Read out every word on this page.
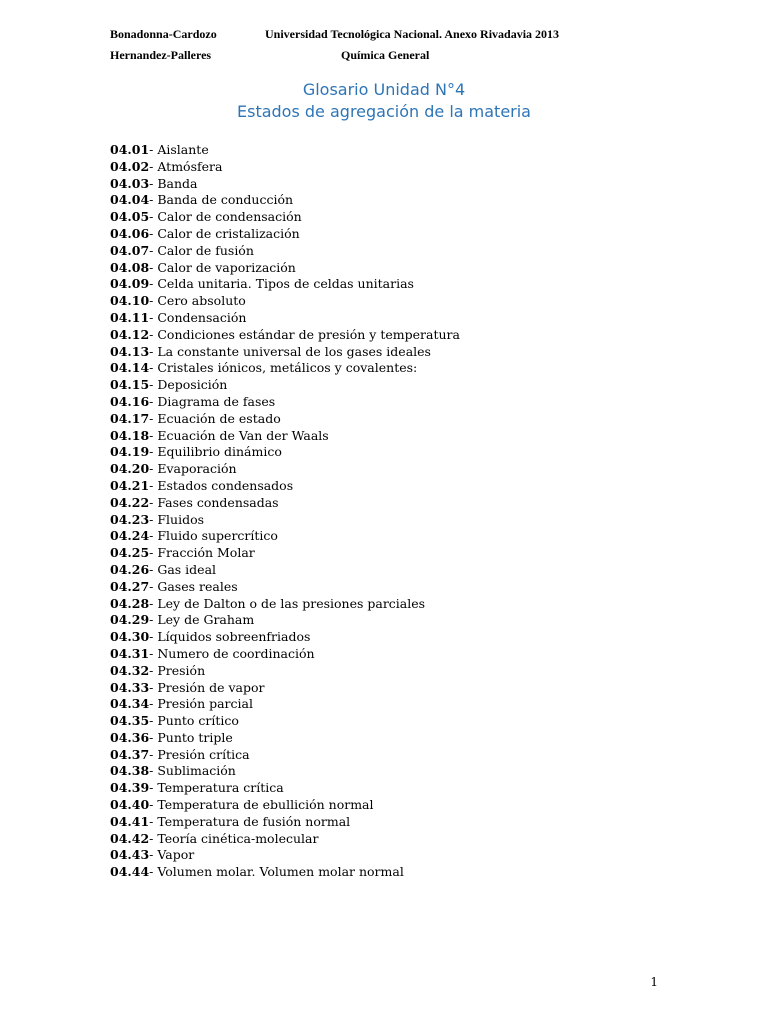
Bonadonna-Cardozo	Universidad Tecnológica Nacional. Anexo Rivadavia 2013
Hernandez-Palleres	Química General
Glosario Unidad N°4
Estados de agregación de la materia
04.01- Aislante
04.02- Atmósfera
04.03- Banda
04.04- Banda de conducción
04.05- Calor de condensación
04.06- Calor de cristalización
04.07- Calor de fusión
04.08- Calor de vaporización
04.09- Celda unitaria. Tipos de celdas unitarias
04.10- Cero absoluto
04.11- Condensación
04.12- Condiciones estándar de presión y temperatura
04.13- La constante universal de los gases ideales
04.14- Cristales iónicos, metálicos y covalentes:
04.15- Deposición
04.16- Diagrama de fases
04.17- Ecuación de estado
04.18- Ecuación de Van der Waals
04.19- Equilibrio dinámico
04.20- Evaporación
04.21- Estados condensados
04.22- Fases condensadas
04.23- Fluidos
04.24- Fluido supercrítico
04.25- Fracción Molar
04.26- Gas ideal
04.27- Gases reales
04.28- Ley de Dalton o de las presiones parciales
04.29- Ley de Graham
04.30- Líquidos sobreenfriados
04.31- Numero de coordinación
04.32- Presión
04.33- Presión de vapor
04.34- Presión parcial
04.35- Punto crítico
04.36- Punto triple
04.37- Presión crítica
04.38- Sublimación
04.39- Temperatura crítica
04.40- Temperatura de ebullición normal
04.41- Temperatura de fusión normal
04.42- Teoría cinética-molecular
04.43- Vapor
04.44- Volumen molar. Volumen molar normal
1
